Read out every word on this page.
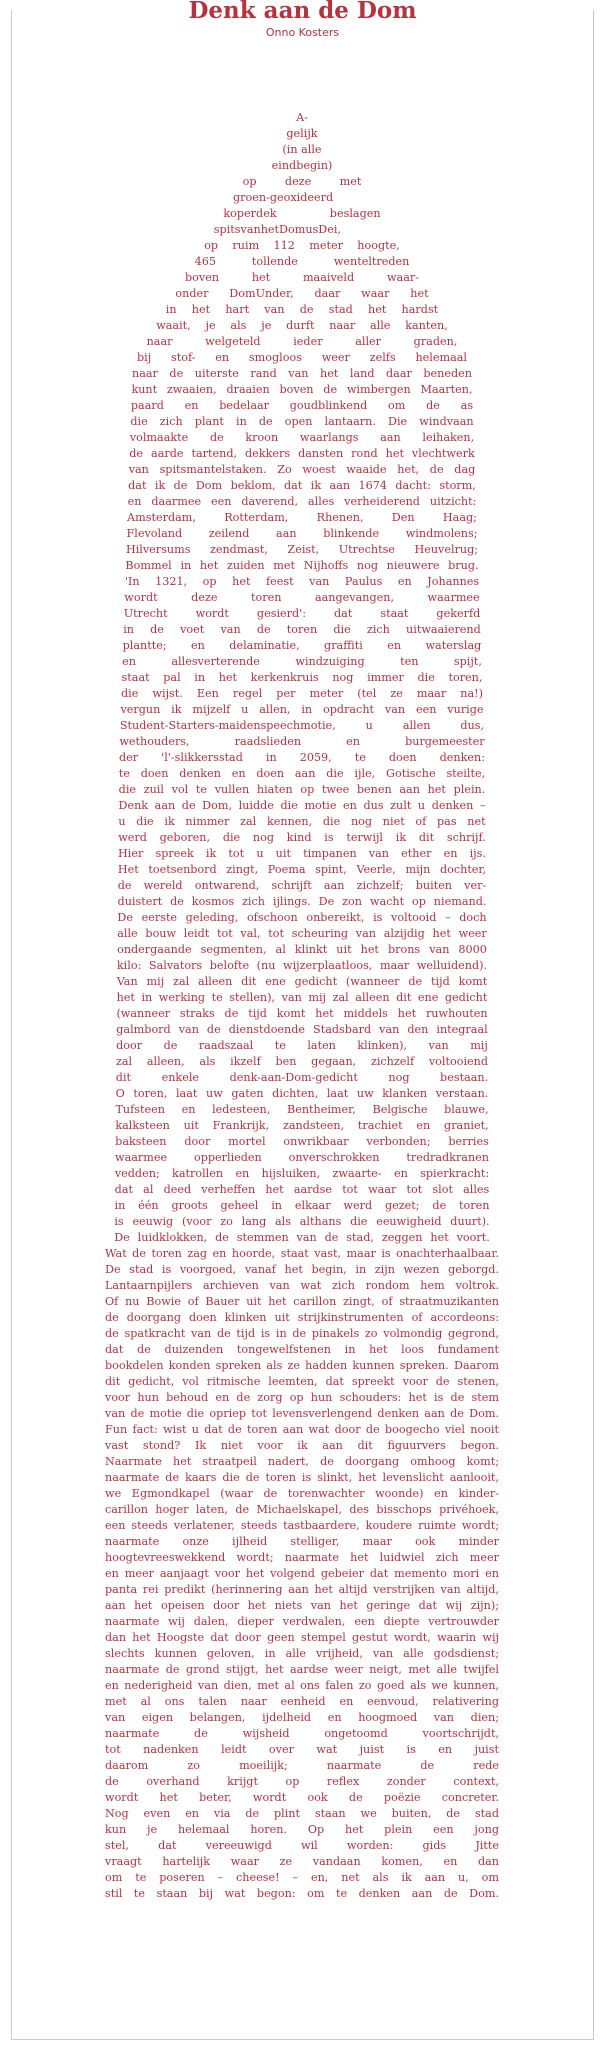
Denk aan de Dom
Onno Kosters
A-
gelijk
(in alle
eindbegin)
op deze met
groen-geoxideerd
koperdek beslagen
spitsvanhetDomusDei,
op ruim 112 meter hoogte,
465 tollende wenteltreden
boven het maaiveld waar-
onder DomUnder, daar waar het
in het hart van de stad het hardst
waait, je als je durft naar alle kanten,
naar welgeteld ieder aller graden,
bij stof- en smogloos weer zelfs helemaal
naar de uiterste rand van het land daar beneden
kunt zwaaien, draaien boven de wimbergen Maarten,
paard en bedelaar goudblinkend om de as
die zich plant in de open lantaarn. Die windvaan
volmaakte de kroon waarlangs aan leihaken,
de aarde tartend, dekkers dansten rond het vlechtwerk
van spitsmantelstaken. Zo woest waaide het, de dag
dat ik de Dom beklom, dat ik aan 1674 dacht: storm,
en daarmee een daverend, alles verheiderend uitzicht:
Amsterdam, Rotterdam, Rhenen, Den Haag;
Flevoland zeilend aan blinkende windmolens;
Hilversums zendmast, Zeist, Utrechtse Heuvelrug;
Bommel in het zuiden met Nijhoffs nog nieuwere brug.
'In 1321, op het feest van Paulus en Johannes
wordt deze toren aangevangen, waarmee
Utrecht wordt gesierd': dat staat gekerfd
in de voet van de toren die zich uitwaaierend
plantte; en delaminatie, graffiti en waterslag
en allesverterende windzuiging ten spijt,
staat pal in het kerkenkruis nog immer die toren,
die wijst. Een regel per meter (tel ze maar na!)
vergun ik mijzelf u allen, in opdracht van een vurige
Student-Starters-maidenspeechmotie, u allen dus,
wethouders, raadslieden en burgemeester
der 'l'-slikkersstad in 2059, te doen denken:
te doen denken en doen aan die ijle, Gotische steilte,
die zuil vol te vullen hiaten op twee benen aan het plein.
Denk aan de Dom, luidde die motie en dus zult u denken –
u die ik nimmer zal kennen, die nog niet of pas net
werd geboren, die nog kind is terwijl ik dit schrijf.
Hier spreek ik tot u uit timpanen van ether en ijs.
Het toetsenbord zingt, Poema spint, Veerle, mijn dochter,
de wereld ontwarend, schrijft aan zichzelf; buiten ver-
duistert de kosmos zich ijlings. De zon wacht op niemand.
De eerste geleding, ofschoon onbereikt, is voltooid – doch
alle bouw leidt tot val, tot scheuring van alzijdig het weer
ondergaande segmenten, al klinkt uit het brons van 8000
kilo: Salvators belofte (nu wijzerplaatloos, maar welluidend).
Van mij zal alleen dit ene gedicht (wanneer de tijd komt
het in werking te stellen), van mij zal alleen dit ene gedicht
(wanneer straks de tijd komt het middels het ruwhouten
galmbord van de dienstdoende Stadsbard van den integraal
door de raadszaal te laten klinken), van mij
zal alleen, als ikzelf ben gegaan, zichzelf voltooiend
dit enkele denk-aan-Dom-gedicht nog bestaan.
O toren, laat uw gaten dichten, laat uw klanken verstaan.
Tufsteen en ledesteen, Bentheimer, Belgische blauwe,
kalksteen uit Frankrijk, zandsteen, trachiet en graniet,
baksteen door mortel onwrikbaar verbonden; berries
waarmee opperlieden onverschrokken tredradkranen
vedden; katrollen en hijsluiken, zwaarte- en spierkracht:
dat al deed verheffen het aardse tot waar tot slot alles
in één groots geheel in elkaar werd gezet; de toren
is eeuwig (voor zo lang als althans die eeuwigheid duurt).
De luidklokken, de stemmen van de stad, zeggen het voort.
Wat de toren zag en hoorde, staat vast, maar is onachterhaalbaar.
De stad is voorgoed, vanaf het begin, in zijn wezen geborgd.
Lantaarnpijlers archieven van wat zich rondom hem voltrok.
Of nu Bowie of Bauer uit het carillon zingt, of straatmuzikanten
de doorgang doen klinken uit strijkinstrumenten of accordeons:
de spatkracht van de tijd is in de pinakels zo volmondig gegrond,
dat de duizenden tongewelfstenen in het loos fundament
bookdelen konden spreken als ze hadden kunnen spreken. Daarom
dit gedicht, vol ritmische leemten, dat spreekt voor de stenen,
voor hun behoud en de zorg op hun schouders: het is de stem
van de motie die opriep tot levensverlengend denken aan de Dom.
Fun fact: wist u dat de toren aan wat door de boogecho viel nooit
vast stond? Ik niet voor ik aan dit figuurvers begon.
Naarmate het straatpeil nadert, de doorgang omhoog komt;
naarmate de kaars die de toren is slinkt, het levenslicht aanlooit,
we Egmondkapel (waar de torenwachter woonde) en kinder-
carillon hoger laten, de Michaelskapel, des bisschops privéhoek,
een steeds verlatener, steeds tastbaardere, koudere ruimte wordt;
naarmate onze ijlheid stelliger, maar ook minder
hoogtevreeswekkend wordt; naarmate het luidwiel zich meer
en meer aanjaagt voor het volgend gebeier dat memento mori en
panta rei predikt (herinnering aan het altijd verstrijken van altijd,
aan het opeisen door het niets van het geringe dat wij zijn);
naarmate wij dalen, dieper verdwalen, een diepte vertrouwder
dan het Hoogste dat door geen stempel gestut wordt, waarin wij
slechts kunnen geloven, in alle vrijheid, van alle godsdienst;
naarmate de grond stijgt, het aardse weer neigt, met alle twijfel
en nederigheid van dien, met al ons falen zo goed als we kunnen,
met al ons talen naar eenheid en eenvoud, relativering
van eigen belangen, ijdelheid en hoogmoed van dien;
naarmate de wijsheid ongetoomd voortschrijdt,
tot nadenken leidt over wat juist is en juist
daarom zo moeilijk; naarmate de rede
de overhand krijgt op reflex zonder context,
wordt het beter, wordt ook de poëzie concreter.
Nog even en via de plint staan we buiten, de stad
kun je helemaal horen. Op het plein een jong
stel, dat vereeuwigd wil worden: gids Jitte
vraagt hartelijk waar ze vandaan komen, en dan
om te poseren – cheese! – en, net als ik aan u, om
stil te staan bij wat begon: om te denken aan de Dom.
